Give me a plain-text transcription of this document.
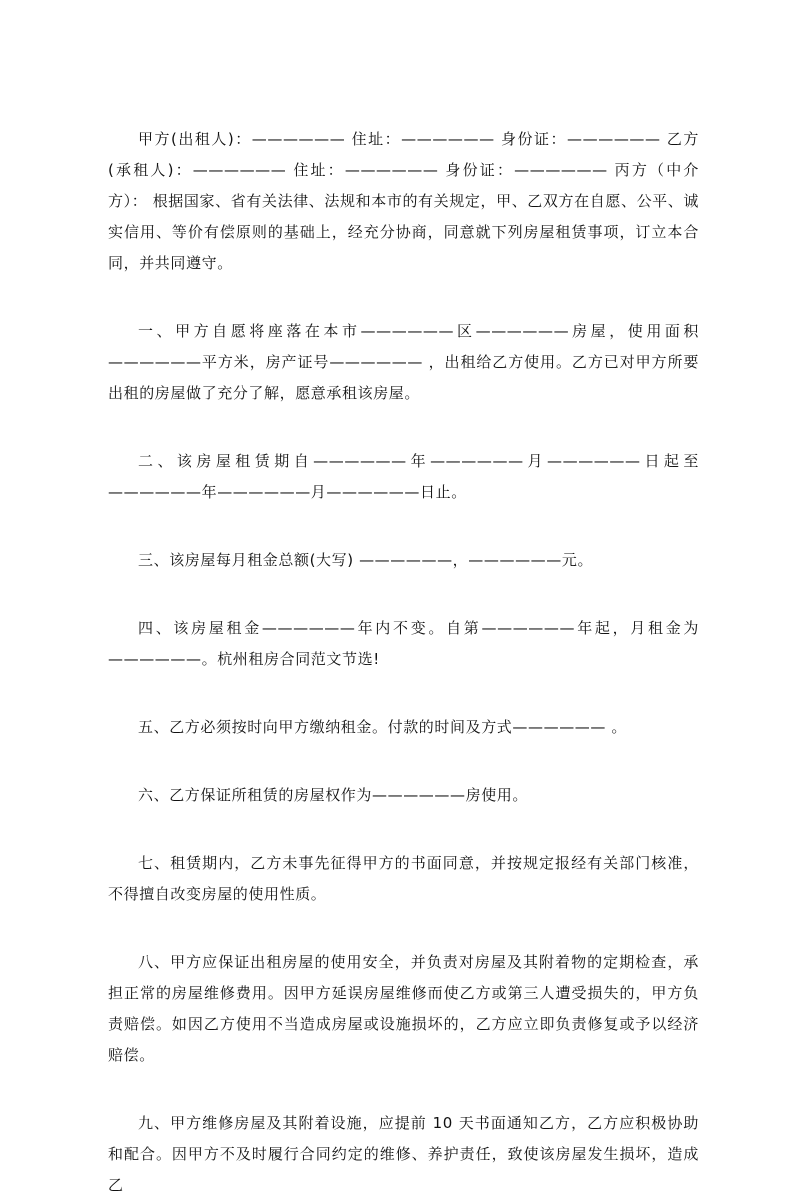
甲方(出租人)：—————— 住址：—————— 身份证：—————— 乙方(承租人)：—————— 住址：—————— 身份证：—————— 丙方（中介方）： 根据国家、省有关法律、法规和本市的有关规定，甲、乙双方在自愿、公平、诚实信用、等价有偿原则的基础上，经充分协商，同意就下列房屋租赁事项，订立本合同，并共同遵守。

一、甲方自愿将座落在本市——————区——————房屋，使用面积 ——————平方米，房产证号—————— ，出租给乙方使用。乙方已对甲方所要出租的房屋做了充分了解，愿意承租该房屋。

二、该房屋租赁期自——————年——————月——————日起至——————年——————月——————日止。

三、该房屋每月租金总额(大写) ——————，——————元。

四、该房屋租金——————年内不变。自第——————年起，月租金为——————。杭州租房合同范文节选!

五、乙方必须按时向甲方缴纳租金。付款的时间及方式—————— 。

六、乙方保证所租赁的房屋权作为——————房使用。

七、租赁期内，乙方未事先征得甲方的书面同意，并按规定报经有关部门核准，不得擅自改变房屋的使用性质。

八、甲方应保证出租房屋的使用安全，并负责对房屋及其附着物的定期检查，承担正常的房屋维修费用。因甲方延误房屋维修而使乙方或第三人遭受损失的，甲方负责赔偿。如因乙方使用不当造成房屋或设施损坏的，乙方应立即负责修复或予以经济赔偿。

九、甲方维修房屋及其附着设施，应提前 10 天书面通知乙方，乙方应积极协助和配合。因甲方不及时履行合同约定的维修、养护责任，致使该房屋发生损坏，造成乙
